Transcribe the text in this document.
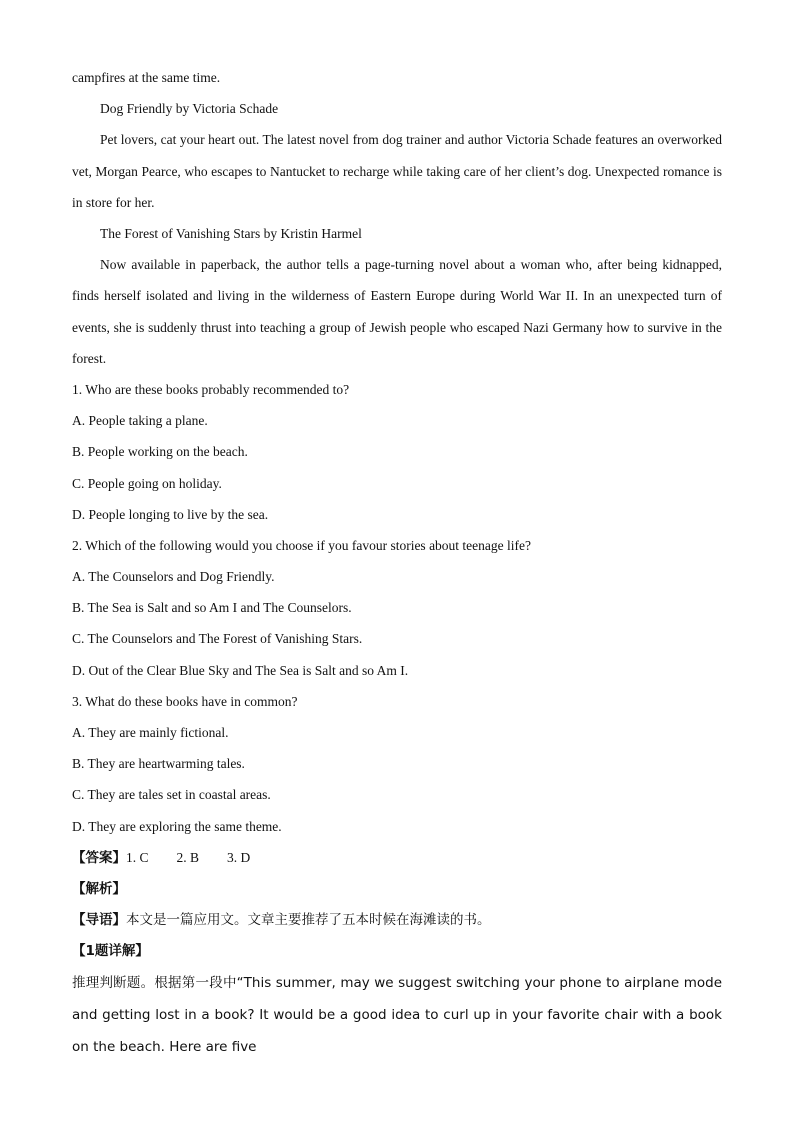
campfires at the same time.
Dog Friendly by Victoria Schade
Pet lovers, cat your heart out. The latest novel from dog trainer and author Victoria Schade features an overworked vet, Morgan Pearce, who escapes to Nantucket to recharge while taking care of her client’s dog. Unexpected romance is in store for her.
The Forest of Vanishing Stars by Kristin Harmel
Now available in paperback, the author tells a page-turning novel about a woman who, after being kidnapped, finds herself isolated and living in the wilderness of Eastern Europe during World War II. In an unexpected turn of events, she is suddenly thrust into teaching a group of Jewish people who escaped Nazi Germany how to survive in the forest.
1. Who are these books probably recommended to?
A. People taking a plane.
B. People working on the beach.
C. People going on holiday.
D. People longing to live by the sea.
2. Which of the following would you choose if you favour stories about teenage life?
A. The Counselors and Dog Friendly.
B. The Sea is Salt and so Am I and The Counselors.
C. The Counselors and The Forest of Vanishing Stars.
D. Out of the Clear Blue Sky and The Sea is Salt and so Am I.
3. What do these books have in common?
A. They are mainly fictional.
B. They are heartwarming tales.
C. They are tales set in coastal areas.
D. They are exploring the same theme.
【答案】1. C 2. B 3. D
【解析】
【导语】本文是一篇应用文。文章主要推荐了五本时候在海滩读的书。
【1题详解】
推理判断题。根据第一段中“This summer, may we suggest switching your phone to airplane mode and getting lost in a book? It would be a good idea to curl up in your favorite chair with a book on the beach. Here are five
